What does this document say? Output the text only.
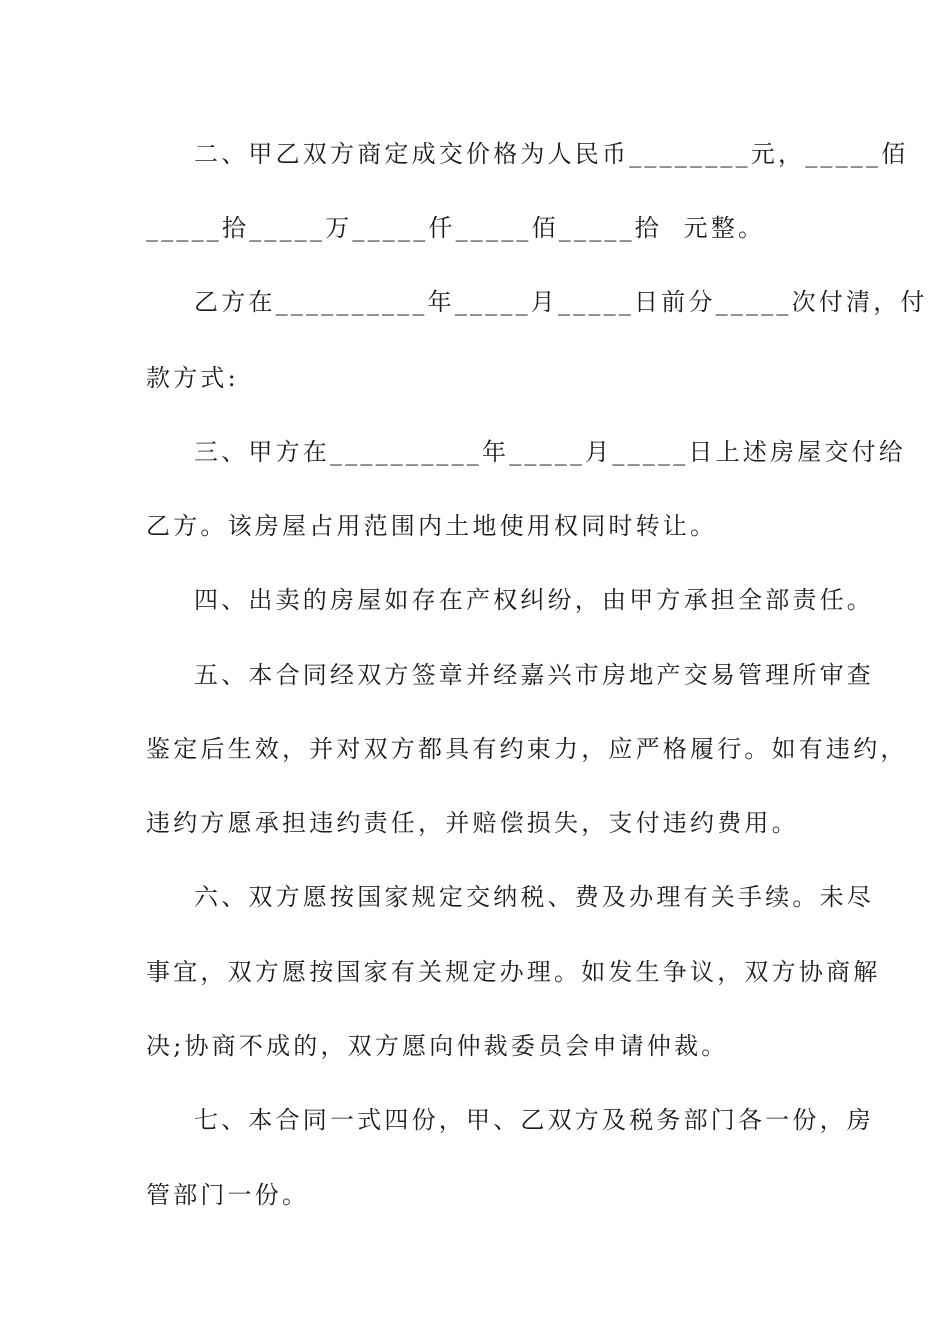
二、甲乙双方商定成交价格为人民币________元，_____佰
_____拾_____万_____仟_____佰_____拾  元整。
乙方在__________年_____月_____日前分_____次付清，付
款方式:
三、甲方在__________年_____月_____日上述房屋交付给
乙方。该房屋占用范围内土地使用权同时转让。
四、出卖的房屋如存在产权纠纷，由甲方承担全部责任。
五、本合同经双方签章并经嘉兴市房地产交易管理所审查
鉴定后生效，并对双方都具有约束力，应严格履行。如有违约，
违约方愿承担违约责任，并赔偿损失，支付违约费用。
六、双方愿按国家规定交纳税、费及办理有关手续。未尽
事宜，双方愿按国家有关规定办理。如发生争议，双方协商解
决;协商不成的，双方愿向仲裁委员会申请仲裁。
七、本合同一式四份，甲、乙双方及税务部门各一份，房
管部门一份。
